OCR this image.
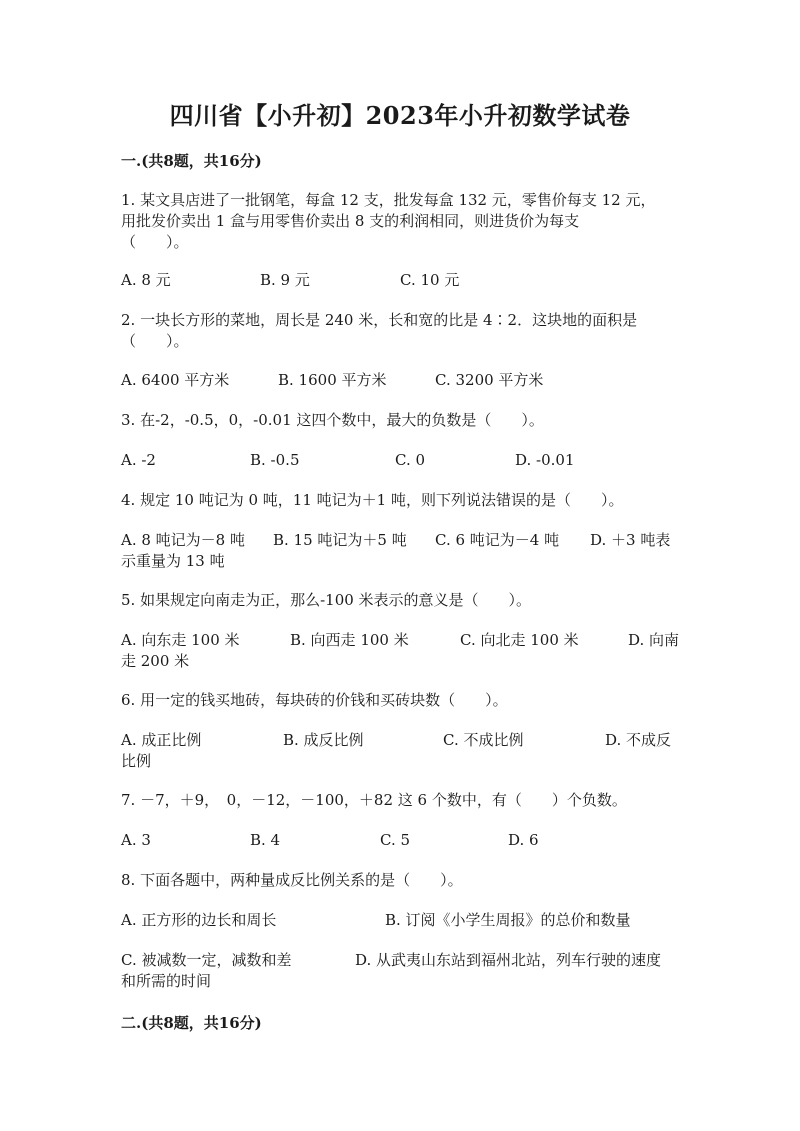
四川省【小升初】2023年小升初数学试卷
一.(共8题，共16分)
1. 某文具店进了一批钢笔，每盒 12 支，批发每盒 132 元，零售价每支 12 元，
用批发价卖出 1 盒与用零售价卖出 8 支的利润相同，则进货价为每支
（　　）。
A. 8 元	B. 9 元	C. 10 元
2. 一块长方形的菜地，周长是 240 米，长和宽的比是 4∶2．这块地的面积是
（　　）。
A. 6400 平方米	B. 1600 平方米	C. 3200 平方米
3. 在-2，-0.5，0，-0.01 这四个数中，最大的负数是（　　）。
A. -2	B. -0.5	C. 0	D. -0.01
4. 规定 10 吨记为 0 吨，11 吨记为＋1 吨，则下列说法错误的是（　　）。
A. 8 吨记为－8 吨 B. 15 吨记为＋5 吨 C. 6 吨记为－4 吨 D. ＋3 吨表
示重量为 13 吨
5. 如果规定向南走为正，那么-100 米表示的意义是（　　）。
A. 向东走 100 米	B. 向西走 100 米	C. 向北走 100 米	D. 向南
走 200 米
6. 用一定的钱买地砖，每块砖的价钱和买砖块数（　　）。
A. 成正比例	B. 成反比例	C. 不成比例	D. 不成反
比例
7. －7，＋9，　0，－12，－100，＋82 这 6 个数中，有（　　）个负数。
A. 3	B. 4	C. 5	D. 6
8. 下面各题中，两种量成反比例关系的是（　　）。
A. 正方形的边长和周长	B. 订阅《小学生周报》的总价和数量
C. 被减数一定，减数和差	D. 从武夷山东站到福州北站，列车行驶的速度
和所需的时间
二.(共8题，共16分)
